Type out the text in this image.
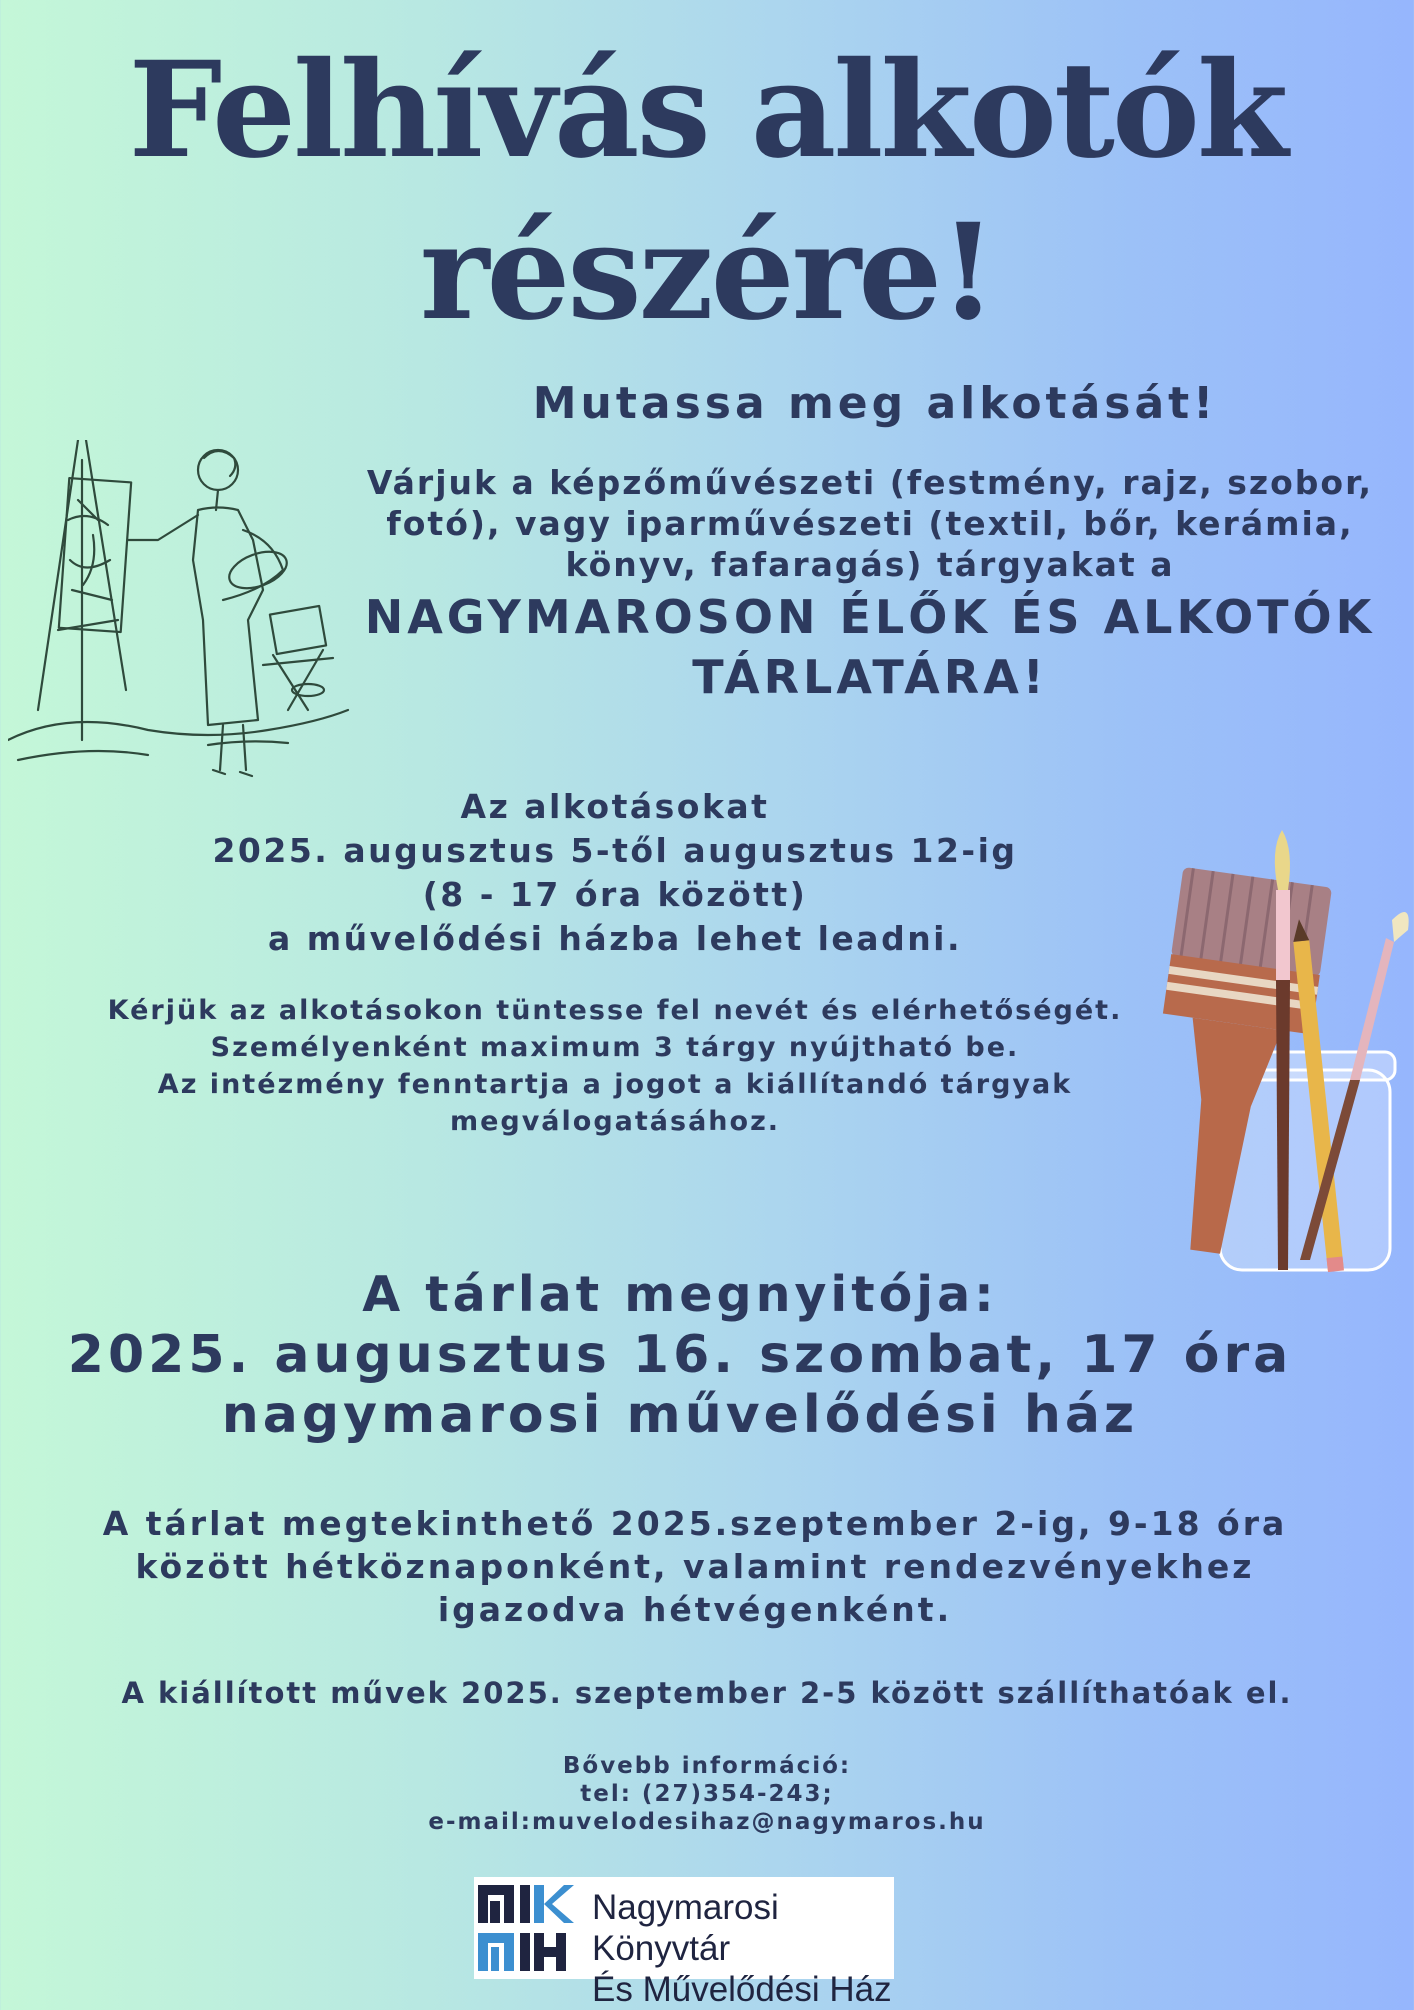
Felhívás alkotók részére!
Mutassa meg alkotását!
Várjuk a képzőművészeti (festmény, rajz, szobor, fotó), vagy iparművészeti (textil, bőr, kerámia, könyv, fafaragás) tárgyakat a
NAGYMAROSON ÉLŐK ÉS ALKOTÓK TÁRLATÁRA!
Az alkotásokat
2025. augusztus 5-től augusztus 12-ig
(8 - 17 óra között)
a művelődési házba lehet leadni.
Kérjük az alkotásokon tüntesse fel nevét és elérhetőségét.
Személyenként maximum 3 tárgy nyújtható be.
Az intézmény fenntartja a jogot a kiállítandó tárgyak megválogatásához.
A tárlat megnyitója:
2025. augusztus 16. szombat, 17 óra
nagymarosi művelődési ház
A tárlat megtekinthető 2025.szeptember 2-ig, 9-18 óra között hétköznaponként, valamint rendezvényekhez igazodva hétvégenként.
A kiállított művek 2025. szeptember 2-5 között szállíthatóak el.
Bővebb információ:
tel: (27)354-243;
e-mail:muvelodesihaz@nagymaros.hu
Nagymarosi Könyvtár
És Művelődési Ház
